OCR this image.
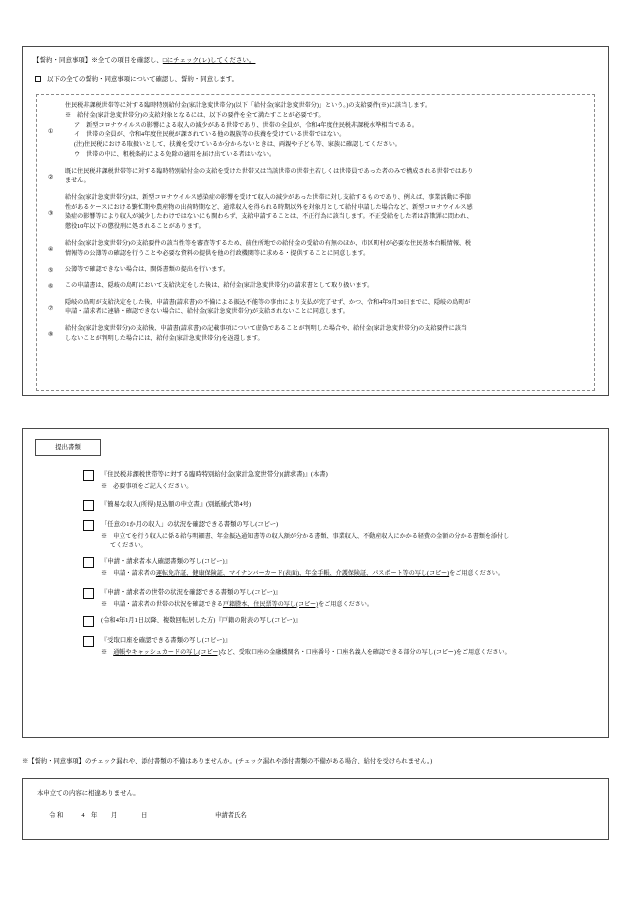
【誓約・同意事項】※全ての項目を確認し、□にチェック(レ)してください。
以下の全ての誓約・同意事項について確認し、誓約・同意します。
①
住民税非課税世帯等に対する臨時特別給付金(家計急変世帯分)(以下「給付金(家計急変世帯分)」という。)の支給要件(※)に該当します。
※　給付金(家計急変世帯分)の支給対象となるには、以下の要件を全て満たすことが必要です。
ア　新型コロナウイルスの影響による収入の減少がある世帯であり、世帯の全員が、令和4年度住民税非課税水準相当である。
イ　世帯の全員が、令和4年度住民税が課されている他の親族等の扶養を受けている世帯ではない。
(注)住民税における取扱いとして、扶養を受けているか分からないときは、両親や子ども等、家族に確認してください。
ウ　世帯の中に、租税条約による免除の適用を届け出ている者はいない。
②
既に住民税非課税世帯等に対する臨時特別給付金の支給を受けた世帯又は当該世帯の世帯主若しくは世帯員であった者のみで構成される世帯ではあり
ません。
③
給付金(家計急変世帯分)は、新型コロナウイルス感染症の影響を受けて収入の減少があった世帯に対し支給するものであり、例えば、事業活動に季節
性があるケースにおける繁忙期や農産物の出荷時期など、通常収入を得られる時期以外を対象月として給付申請した場合など、新型コロナウイルス感
染症の影響等により収入が減少したわけではないにも関わらず、支給申請することは、不正行為に該当します。不正受給をした者は詐欺罪に問われ、
懲役10年以下の懲役刑に処されることがあります。
④
給付金(家計急変世帯分)の支給要件の該当性等を審査等するため、前住所地での給付金の受給の有無のほか、市区町村が必要な住民基本台帳情報、税
情報等の公簿等の確認を行うことや必要な資料の提供を他の行政機関等に求める・提供することに同意します。
⑤	公簿等で確認できない場合は、関係書類の提出を行います。
⑥	この申請書は、隠岐の島町において支給決定をした後は、給付金(家計急変世帯分)の請求書として取り扱います。
⑦
隠岐の島町が支給決定をした後、申請書(請求書)の不備による振込不能等の事由により支払が完了せず、かつ、令和4年9月30日までに、隠岐の島町が
申請・請求者に連絡・確認できない場合に、給付金(家計急変世帯分)が支給されないことに同意します。
⑧
給付金(家計急変世帯分)の支給後、申請書(請求書)の記載事項について虚偽であることが判明した場合や、給付金(家計急変世帯分)の支給要件に該当
しないことが判明した場合には、給付金(家計急変世帯分)を返還します。
提出書類
『住民税非課税世帯等に対する臨時特別給付金(家計急変世帯分)(請求書)』(本書)
※　必要事項をご記入ください。
『簡易な収入(所得)見込額の申立書』(別紙様式第4号)
「任意の1か月の収入」の状況を確認できる書類の写し(コピー)
※　申立てを行う収入に係る給与明細書、年金振込通知書等の収入額が分かる書類、事業収入、不動産収入にかかる経費の金額の分かる書類を添付し
てください。
『申請・請求者本人確認書類の写し(コピー)』
※　申請・請求者の運転免許証、健康保険証、マイナンバーカード(表面)、年金手帳、介護保険証、パスポート等の写し(コピー)をご用意ください。
『申請・請求者の世帯の状況を確認できる書類の写し(コピー)』
※　申請・請求者の世帯の状況を確認できる戸籍謄本、住民票等の写し(コピー)をご用意ください。
(令和4年1月1日以降、複数回転居した方)『戸籍の附表の写し(コピー)』
『受取口座を確認できる書類の写し(コピー)』
※　通帳やキャッシュカードの写し(コピー)など、受取口座の金融機関名・口座番号・口座名義人を確認できる部分の写し(コピー)をご用意ください。
※【誓約・同意事項】のチェック漏れや、添付書類の不備はありませんか。(チェック漏れや添付書類の不備がある場合、給付を受けられません。)
本申立ての内容に相違ありません。
令 和	4	年	月	日	申請者氏名
